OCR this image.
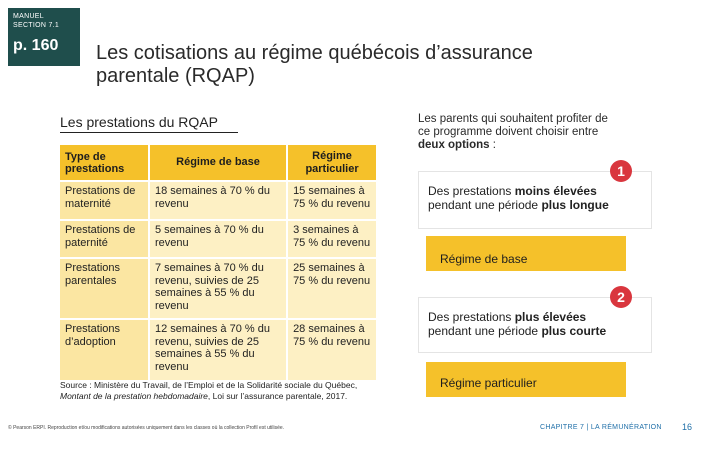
MANUEL
SECTION 7.1
p. 160 Les cotisations au régime québécois d’assurance parentale (RQAP)
Les prestations du RQAP
Type de prestations	Régime de base	Régime particulier
Prestations de maternité	18 semaines à 70 % du revenu	15 semaines à 75 % du revenu
Prestations de paternité	5 semaines à 70 % du revenu	3 semaines à 75 % du revenu
Prestations parentales	7 semaines à 70 % du revenu, suivies de 25 semaines à 55 % du revenu	25 semaines à 75 % du revenu
Prestations d’adoption	12 semaines à 70 % du revenu, suivies de 25 semaines à 55 % du revenu	28 semaines à 75 % du revenu
Source : Ministère du Travail, de l’Emploi et de la Solidarité sociale du Québec,
Montant de la prestation hebdomadaire, Loi sur l’assurance parentale, 2017.
Les parents qui souhaitent profiter de ce programme doivent choisir entre deux options :
Des prestations moins élevées
pendant une période plus longue
1
Régime de base
Des prestations plus élevées
pendant une période plus courte
2
Régime particulier
© Pearson ERPI. Reproduction et/ou modifications autorisées uniquement dans les classes où la collection Profil est utilisée.	CHAPITRE 7 | LA RÉMUNÉRATION 16
